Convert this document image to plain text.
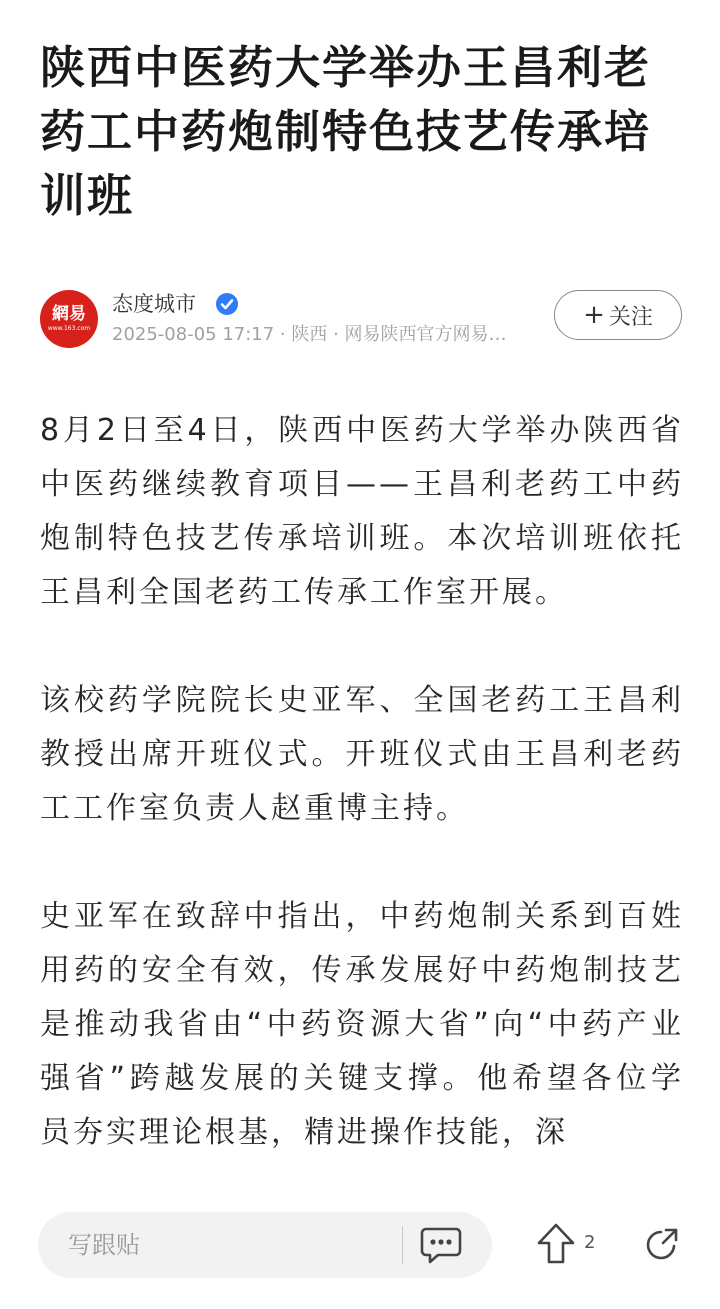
陕西中医药大学举办王昌利老药工中药炮制特色技艺传承培训班
網易
www.163.com
态度城市
2025-08-05 17:17 · 陕西 · 网易陕西官方网易…
+ 关注

8月2日至4日，陕西中医药大学举办陕西省中医药继续教育项目——王昌利老药工中药炮制特色技艺传承培训班。本次培训班依托王昌利全国老药工传承工作室开展。

该校药学院院长史亚军、全国老药工王昌利教授出席开班仪式。开班仪式由王昌利老药工工作室负责人赵重博主持。

史亚军在致辞中指出，中药炮制关系到百姓用药的安全有效，传承发展好中药炮制技艺是推动我省由“中药资源大省”向“中药产业强省”跨越发展的关键支撑。他希望各位学员夯实理论根基，精进操作技能，深

写跟贴	2
